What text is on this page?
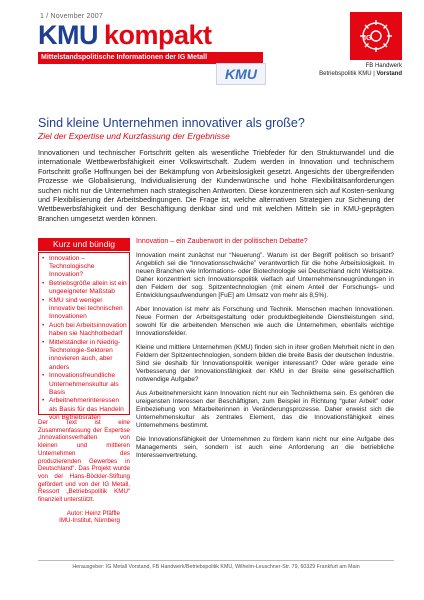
1 / November 2007
KMU kompakt
Mittelstandspolitische Informationen der IG Metall
KMU
IG
FB Handwerk
Betriebspolitik KMU | Vorstand
Sind kleine Unternehmen innovativer als große?
Ziel der Expertise und Kurzfassung der Ergebnisse
Innovationen und technischer Fortschritt gelten als wesentliche Triebfeder für den Strukturwandel und die internationale Wettbewerbsfähigkeit einer Volkswirtschaft. Zudem werden in Innovation und technischem Fortschritt große Hoffnungen bei der Bekämpfung von Arbeitslosigkeit gesetzt. Angesichts der übergreifenden Prozesse wie Globalisierung, Individualisierung der Kundenwünsche und hohe Flexibilitätsanforderungen suchen nicht nur die Unternehmen nach strategischen Antworten. Diese konzentrieren sich auf Kosten-senkung und Flexibilisierung der Arbeitsbedingungen. Die Frage ist, welche alternativen Strategien zur Sicherung der Wettbewerbsfähigkeit und der Beschäftigung denkbar sind und mit welchen Mitteln sie in KMU-geprägten Branchen umgesetzt werden können.
Kurz und bündig
• Innovation – Technologische Innovation?
• Betriebsgröße allein ist ein ungeeigneter Maßstab
• KMU sind weniger innovativ bei technischen Innovationen
• Auch bei Arbeitsinnovation haben sie Nachholbedarf
• Mittelständler in Niedrig-Technologie-Sektoren innovieren auch, aber anders
• Innovationsfreundliche Unternehmenskultur als Basis
• Arbeitnehmerinteressen als Basis für das Handeln von Betriebsräten
Der Text ist eine Zusammenfassung der Expertise „Innovationsverhalten von kleinen und mittleren Unternehmen des produzierenden Gewerbes in Deutschland“. Das Projekt wurde von der Hans-Böckler-Stiftung gefördert und von der IG Metall, Ressort „Betriebspolitik KMU“ finanziell unterstützt.
Autor: Heinz Pfäffle
IMU-Institut, Nürnberg
Innovation – ein Zauberwort in der politischen Debatte?

Innovation meint zunächst nur “Neuerung”. Warum ist der Begriff politisch so brisant? Angeblich sei die “Innovationsschwäche” verantwortlich für die hohe Arbeitslosigkeit. In neuen Branchen wie Informations- oder Biotechnologie sei Deutschland nicht Weltspitze. Daher konzentriert sich Innovationspolitik vielfach auf Unternehmensneugründungen in den Feldern der sog. Spitzentechnologien (mit einem Anteil der Forschungs- und Entwicklungsaufwendungen [FuE] am Umsatz von mehr als 8,5%).

Aber Innovation ist mehr als Forschung und Technik. Menschen machen Innovationen. Neue Formen der Arbeitsgestaltung oder produktbegleitende Dienstleistungen sind, sowohl für die arbeitenden Menschen wie auch die Unternehmen, ebenfalls wichtige Innovationsfelder.

Kleine und mittlere Unternehmen (KMU) finden sich in ihrer großen Mehrheit nicht in den Feldern der Spitzentechnologien, sondern bilden die breite Basis der deutschen Industrie. Sind sie deshalb für Innovationspolitik weniger interessant? Oder wäre gerade eine Verbesserung der Innovationsfähigkeit der KMU in der Breite eine gesellschaftlich notwendige Aufgabe?

Aus Arbeitnehmersicht kann Innovation nicht nur ein Technikthema sein. Es gehören die ureigensten Interessen der Beschäftigten, zum Beispiel in Richtung “guter Arbeit” oder Einbeziehung von Mitarbeiterinnen in Veränderungsprozesse. Daher erweist sich die Unternehmenskultur als zentrales Element, das die Innovationsfähigkeit eines Unternehmens bestimmt.

Die Innovationsfähigkeit der Unternehmen zu fördern kann nicht nur eine Aufgabe des Managements sein, sondern ist auch eine Anforderung an die betriebliche Interessenvertretung.

Herausgeber: IG Metall Vorstand, FB Handwerk/Betriebspolitik KMU, Wilhelm-Leuschner-Str. 79, 60329 Frankfurt am Main
